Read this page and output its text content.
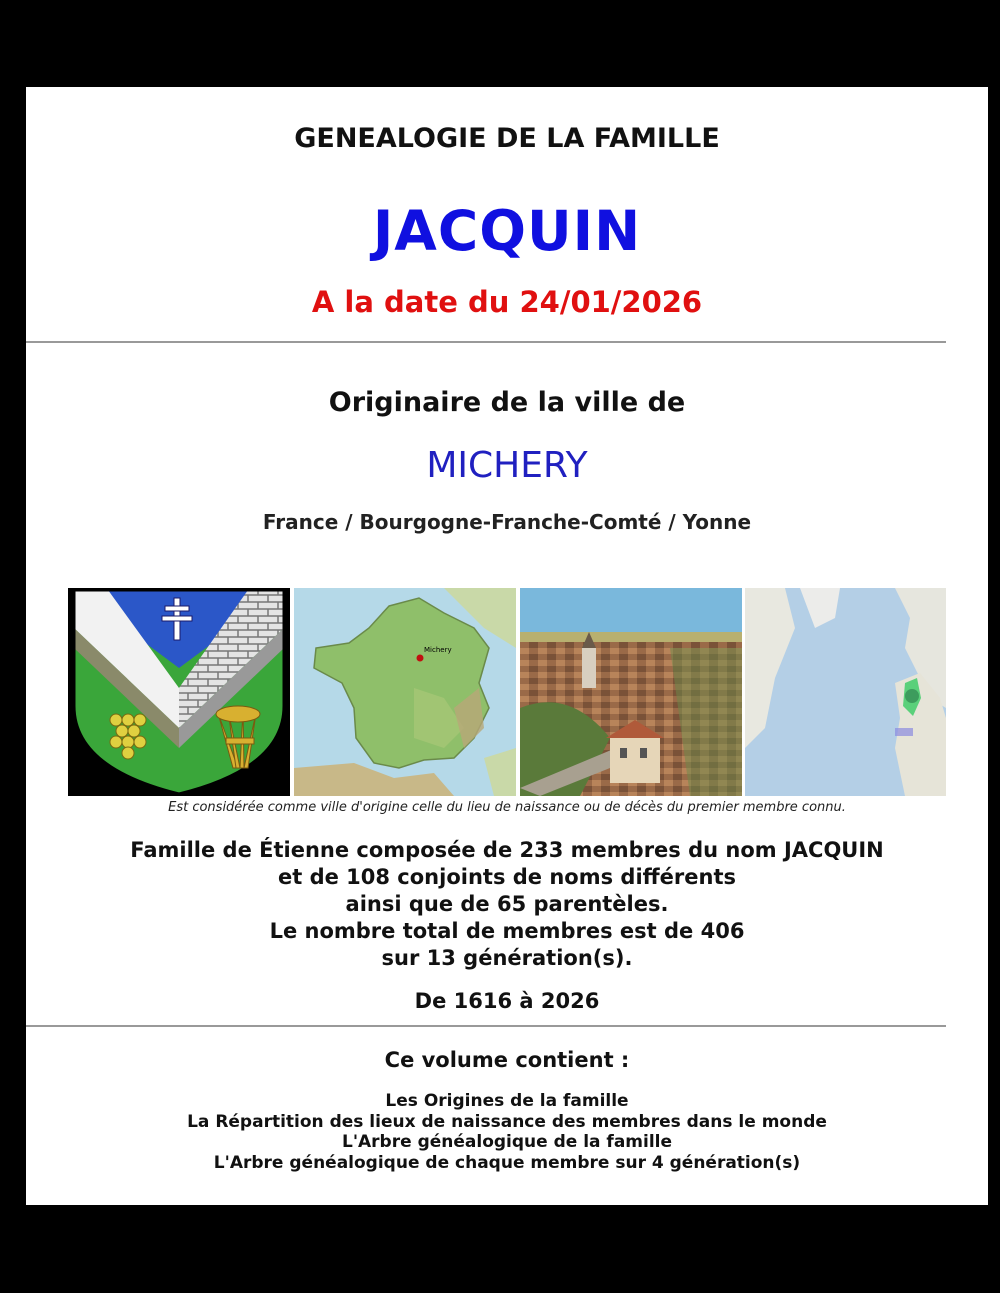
GENEALOGIE DE LA FAMILLE
JACQUIN
A la date du 24/01/2026
Originaire de la ville de
MICHERY
France / Bourgogne-Franche-Comté / Yonne
Michery
Est considérée comme ville d'origine celle du lieu de naissance ou de décès du premier membre connu.
Famille de Étienne composée de 233 membres du nom JACQUIN
et de 108 conjoints de noms différents
ainsi que de 65 parentèles.
Le nombre total de membres est de 406
sur 13 génération(s).
De 1616 à 2026
Ce volume contient :
Les Origines de la famille
La Répartition des lieux de naissance des membres dans le monde
L'Arbre généalogique de la famille
L'Arbre généalogique de chaque membre sur 4 génération(s)
